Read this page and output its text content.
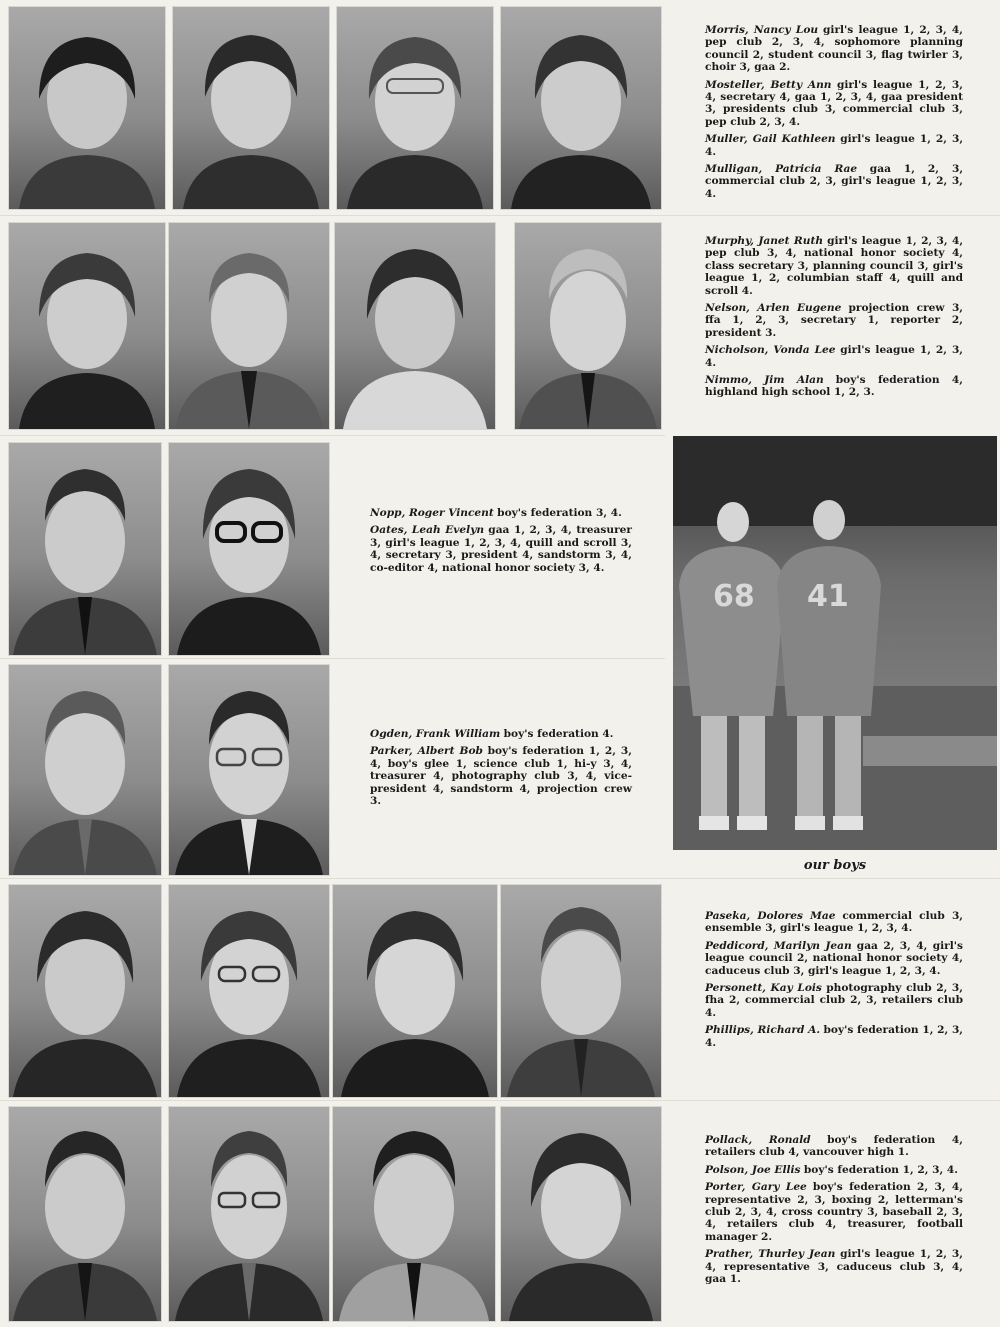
Morris, Nancy Lou girl's league 1, 2, 3, 4, pep club 2, 3, 4, sophomore planning council 2, student council 3, flag twirler 3, choir 3, gaa 2.
Mosteller, Betty Ann girl's league 1, 2, 3, 4, secretary 4, gaa 1, 2, 3, 4, gaa president 3, presidents club 3, commercial club 3, pep club 2, 3, 4.
Muller, Gail Kathleen girl's league 1, 2, 3, 4.
Mulligan, Patricia Rae gaa 1, 2, 3, commercial club 2, 3, girl's league 1, 2, 3, 4.
Murphy, Janet Ruth girl's league 1, 2, 3, 4, pep club 3, 4, national honor society 4, class secretary 3, planning council 3, girl's league 1, 2, columbian staff 4, quill and scroll 4.
Nelson, Arlen Eugene projection crew 3, ffa 1, 2, 3, secretary 1, reporter 2, president 3.
Nicholson, Vonda Lee girl's league 1, 2, 3, 4.
Nimmo, Jim Alan boy's federation 4, highland high school 1, 2, 3.
Nopp, Roger Vincent boy's federation 3, 4.
Oates, Leah Evelyn gaa 1, 2, 3, 4, treasurer 3, girl's league 1, 2, 3, 4, quill and scroll 3, 4, secretary 3, president 4, sandstorm 3, 4, co-editor 4, national honor society 3, 4.
68 41
our boys
Ogden, Frank William boy's federation 4.
Parker, Albert Bob boy's federation 1, 2, 3, 4, boy's glee 1, science club 1, hi-y 3, 4, treasurer 4, photography club 3, 4, vice-president 4, sandstorm 4, projection crew 3.
Paseka, Dolores Mae commercial club 3, ensemble 3, girl's league 1, 2, 3, 4.
Peddicord, Marilyn Jean gaa 2, 3, 4, girl's league council 2, national honor society 4, caduceus club 3, girl's league 1, 2, 3, 4.
Personett, Kay Lois photography club 2, 3, fha 2, commercial club 2, 3, retailers club 4.
Phillips, Richard A. boy's federation 1, 2, 3, 4.
Pollack, Ronald boy's federation 4, retailers club 4, vancouver high 1.
Polson, Joe Ellis boy's federation 1, 2, 3, 4.
Porter, Gary Lee boy's federation 2, 3, 4, representative 2, 3, boxing 2, letterman's club 2, 3, 4, cross country 3, baseball 2, 3, 4, retailers club 4, treasurer, football manager 2.
Prather, Thurley Jean girl's league 1, 2, 3, 4, representative 3, caduceus club 3, 4, gaa 1.
